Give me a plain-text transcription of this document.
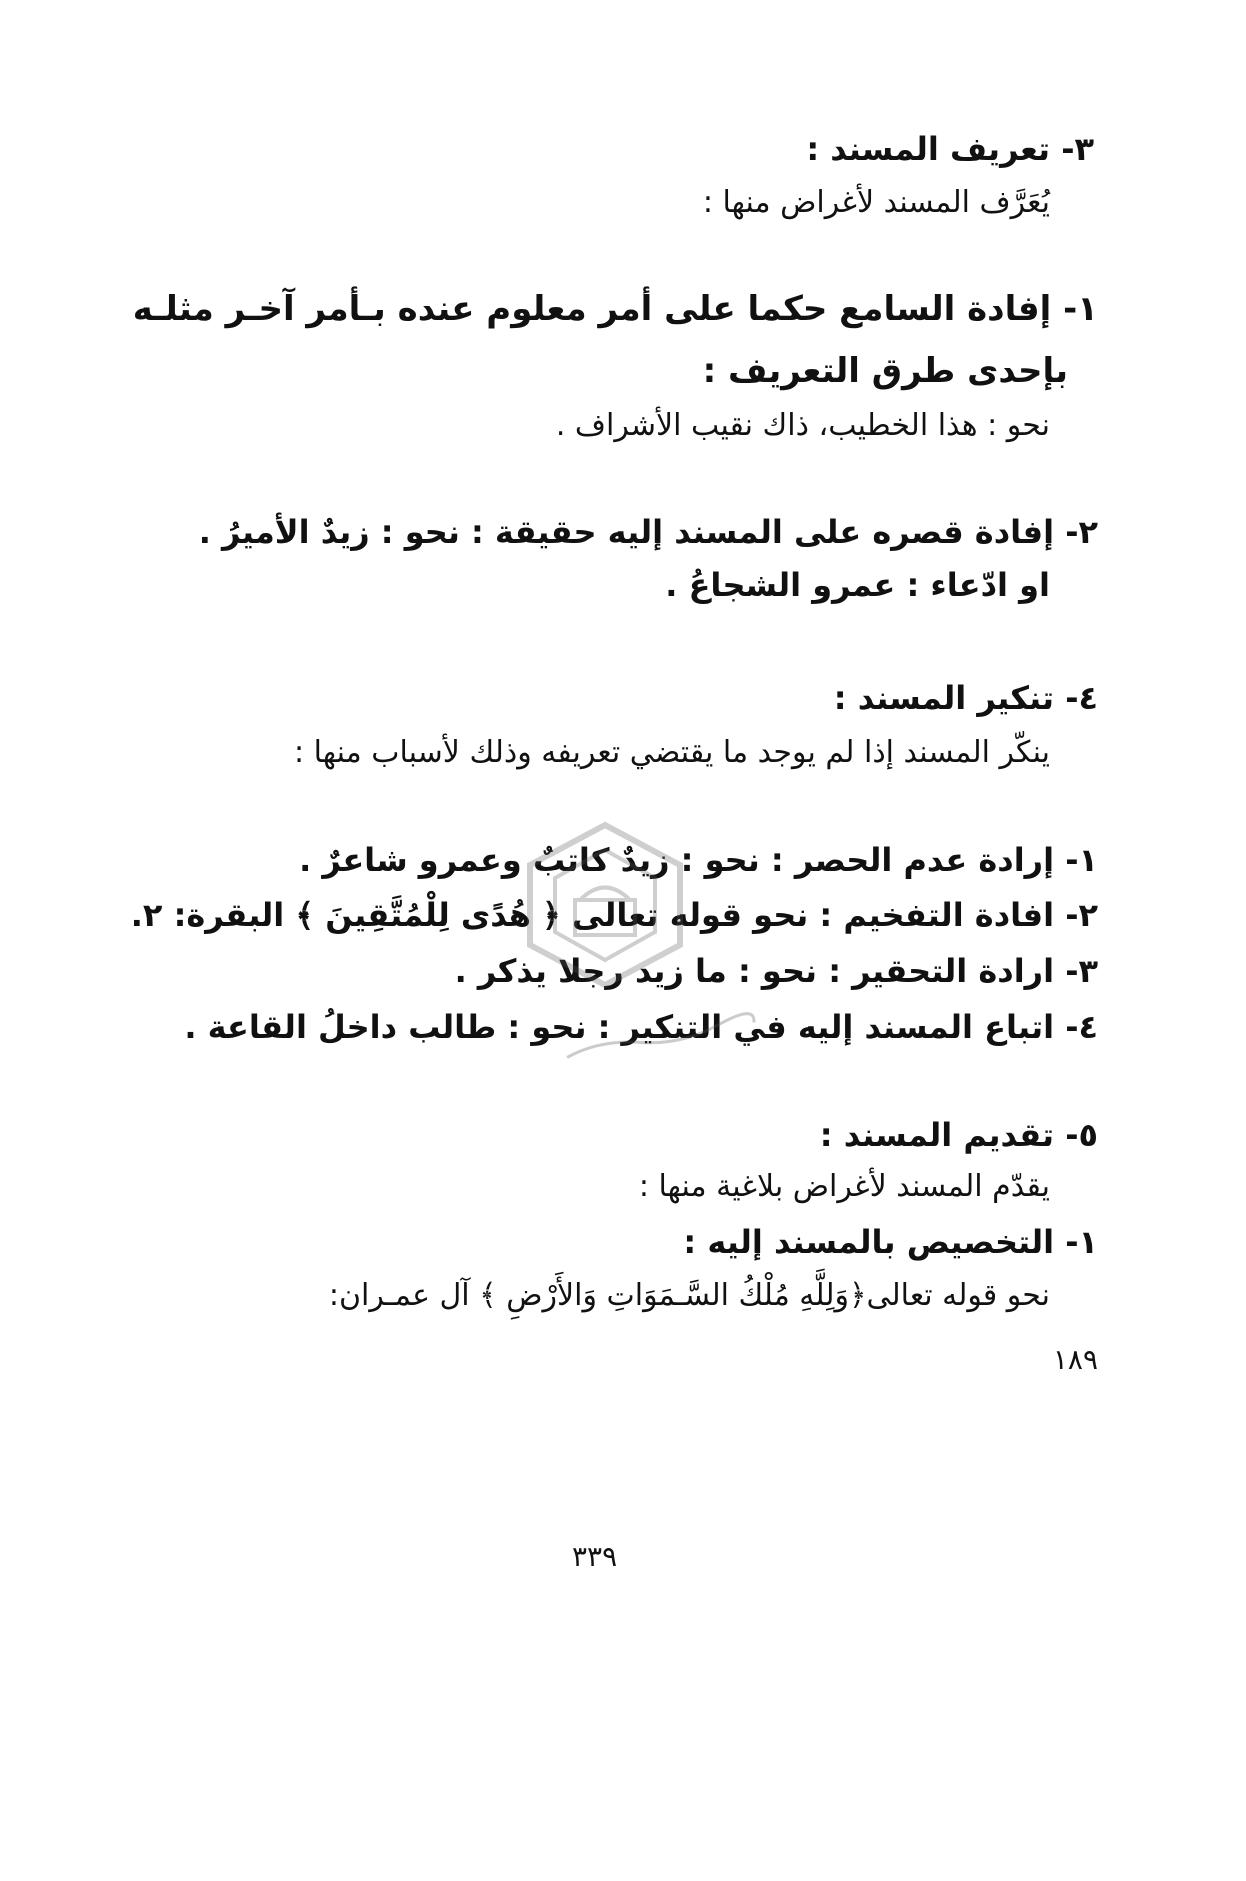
٣- تعريف المسند :
يُعَرَّف المسند لأغراض منها :
١- إفادة السامع حكما على أمر معلوم عنده بـأمر آخـر مثلـه
بإحدى طرق التعريف :
نحو : هذا الخطيب، ذاك نقيب الأشراف .
٢- إفادة قصره على المسند إليه حقيقة : نحو : زيدٌ الأميرُ .
او ادّعاء : عمرو الشجاعُ .
٤- تنكير المسند :
ينكّر المسند إذا لم يوجد ما يقتضي تعريفه وذلك لأسباب منها :
١- إرادة عدم الحصر : نحو : زيدٌ كاتبٌ وعمرو شاعرٌ .
٢- افادة التفخيم : نحو قوله تعالى ﴿ هُدًى لِلْمُتَّقِينَ ﴾ البقرة: ٢.
٣- ارادة التحقير : نحو : ما زيد رجلا يذكر .
٤- اتباع المسند إليه في التنكير : نحو : طالب داخلُ القاعة .
٥- تقديم المسند :
يقدّم المسند لأغراض بلاغية منها :
١- التخصيص بالمسند إليه :
نحو قوله تعالى﴿وَلِلَّهِ مُلْكُ السَّـمَوَاتِ وَالأَرْضِ ﴾ آل عمـران:
١٨٩
٣٣٩
